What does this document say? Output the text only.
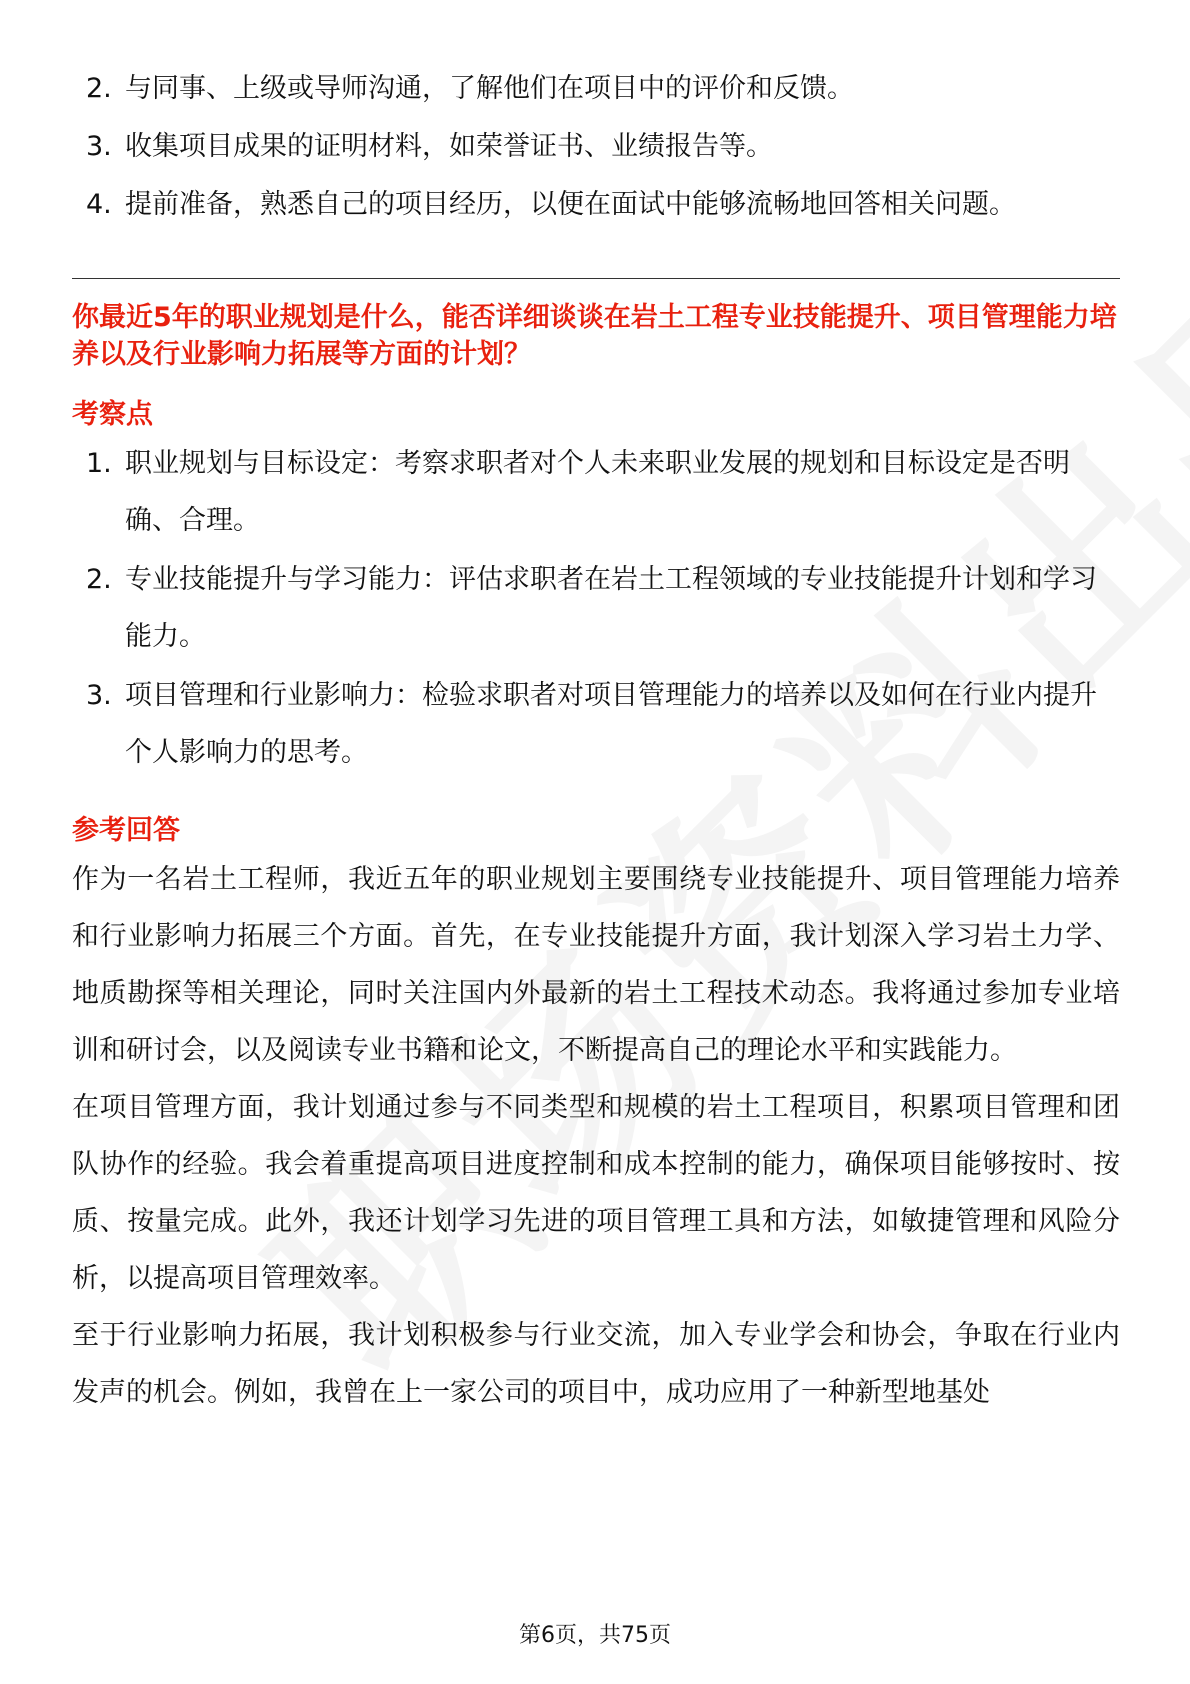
2. 与同事、上级或导师沟通，了解他们在项目中的评价和反馈。
3. 收集项目成果的证明材料，如荣誉证书、业绩报告等。
4. 提前准备，熟悉自己的项目经历，以便在面试中能够流畅地回答相关问题。
你最近5年的职业规划是什么，能否详细谈谈在岩土工程专业技能提升、项目管理能力培养以及行业影响力拓展等方面的计划？
考察点
1. 职业规划与目标设定：考察求职者对个人未来职业发展的规划和目标设定是否明确、合理。
2. 专业技能提升与学习能力：评估求职者在岩土工程领域的专业技能提升计划和学习能力。
3. 项目管理和行业影响力：检验求职者对项目管理能力的培养以及如何在行业内提升个人影响力的思考。
参考回答

作为一名岩土工程师，我近五年的职业规划主要围绕专业技能提升、项目管理能力培养和行业影响力拓展三个方面。首先，在专业技能提升方面，我计划深入学习岩土力学、地质勘探等相关理论，同时关注国内外最新的岩土工程技术动态。我将通过参加专业培训和研讨会，以及阅读专业书籍和论文，不断提高自己的理论水平和实践能力。

在项目管理方面，我计划通过参与不同类型和规模的岩土工程项目，积累项目管理和团队协作的经验。我会着重提高项目进度控制和成本控制的能力，确保项目能够按时、按质、按量完成。此外，我还计划学习先进的项目管理工具和方法，如敏捷管理和风险分析，以提高项目管理效率。

至于行业影响力拓展，我计划积极参与行业交流，加入专业学会和协会，争取在行业内发声的机会。例如，我曾在上一家公司的项目中，成功应用了一种新型地基处

第6页，共75页
